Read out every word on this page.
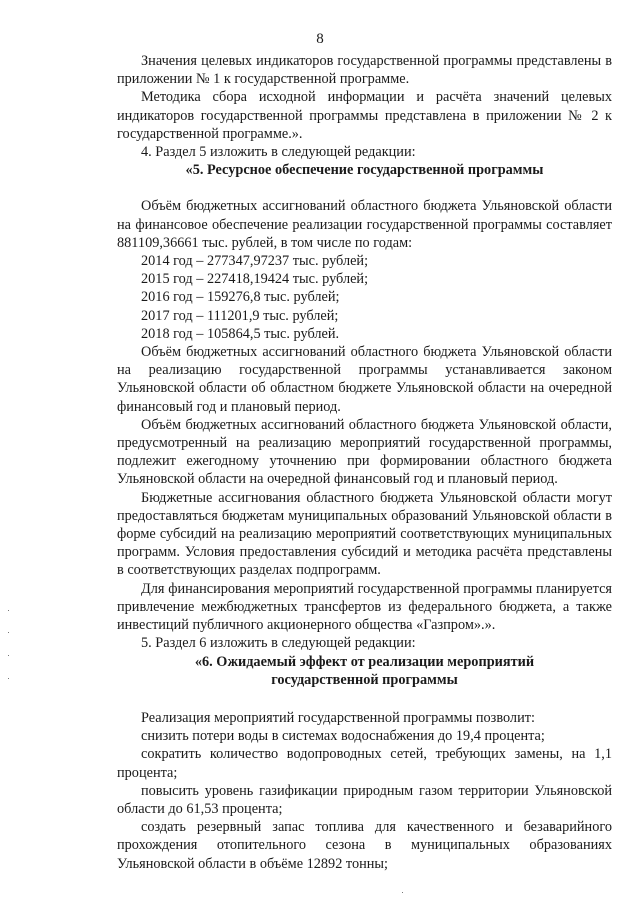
8

Значения целевых индикаторов государственной программы представлены в приложении № 1 к государственной программе.

Методика сбора исходной информации и расчёта значений целевых индикаторов государственной программы представлена в приложении № 2 к государственной программе.».

4. Раздел 5 изложить в следующей редакции:

«5. Ресурсное обеспечение государственной программы

Объём бюджетных ассигнований областного бюджета Ульяновской области на финансовое обеспечение реализации государственной программы составляет 881109,36661 тыс. рублей, в том числе по годам:

2014 год – 277347,97237 тыс. рублей;

2015 год – 227418,19424 тыс. рублей;

2016 год – 159276,8 тыс. рублей;

2017 год – 111201,9 тыс. рублей;

2018 год – 105864,5 тыс. рублей.

Объём бюджетных ассигнований областного бюджета Ульяновской области на реализацию государственной программы устанавливается законом Ульяновской области об областном бюджете Ульяновской области на очередной финансовый год и плановый период.

Объём бюджетных ассигнований областного бюджета Ульяновской области, предусмотренный на реализацию мероприятий государственной программы, подлежит ежегодному уточнению при формировании областного бюджета Ульяновской области на очередной финансовый год и плановый период.

Бюджетные ассигнования областного бюджета Ульяновской области могут предоставляться бюджетам муниципальных образований Ульяновской области в форме субсидий на реализацию мероприятий соответствующих муниципальных программ. Условия предоставления субсидий и методика расчёта представлены в соответствующих разделах подпрограмм.

Для финансирования мероприятий государственной программы планируется привлечение межбюджетных трансфертов из федерального бюджета, а также инвестиций публичного акционерного общества «Газпром».».

5. Раздел 6 изложить в следующей редакции:

«6. Ожидаемый эффект от реализации мероприятий
государственной программы

Реализация мероприятий государственной программы позволит:

снизить потери воды в системах водоснабжения до 19,4 процента;

сократить количество водопроводных сетей, требующих замены, на 1,1 процента;

повысить уровень газификации природным газом территории Ульяновской области до 61,53 процента;

создать резервный запас топлива для качественного и безаварийного прохождения отопительного сезона в муниципальных образованиях Ульяновской области в объёме 12892 тонны;
